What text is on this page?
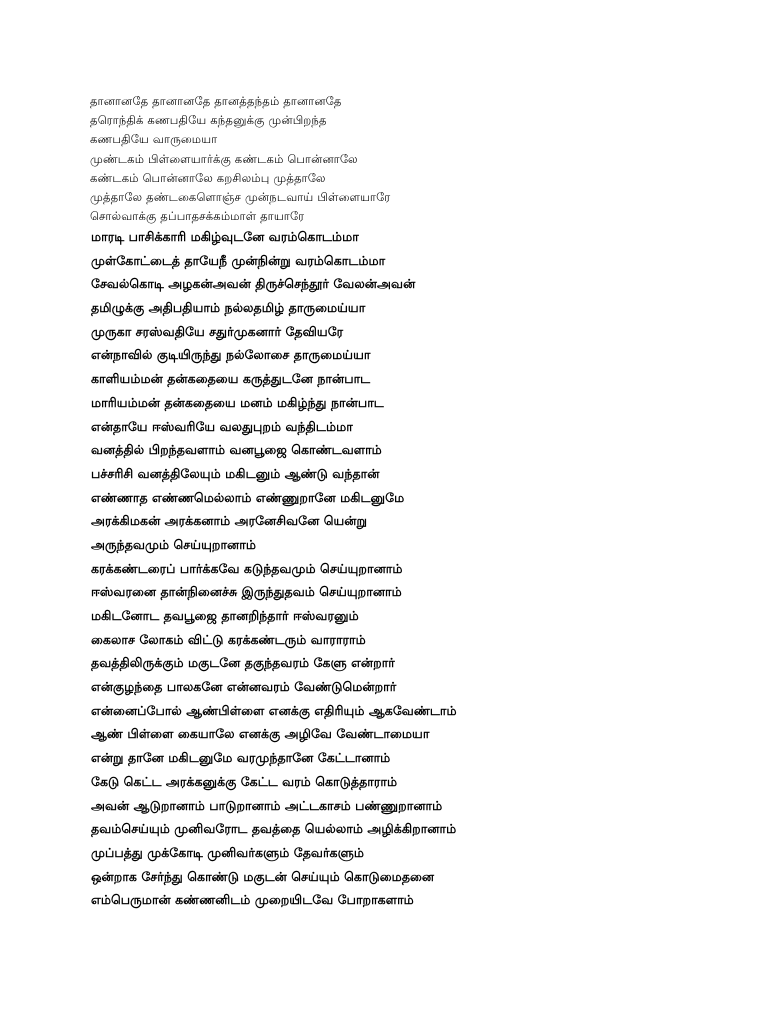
தானானதே தானானதே தானத்தந்தம் தானானதே
தரொந்திக் கணபதியே கந்தனுக்கு முன்பிறந்த
கணபதியே வாருமையா
முண்டகம் பிள்ளையார்க்கு கண்டகம் பொன்னாலே
கண்டகம் பொன்னாலே கறசிலம்பு முத்தாலே
முத்தாலே தண்டகைளொஞ்ச முன்நடவாய் பிள்ளையாரே
சொல்வாக்கு தப்பாதசக்கம்மாள் தாயாரே
மாரடி பாசிக்காரி மகிழ்வுடனே வரம்கொடம்மா
முள்கோட்டைத் தாயேநீ முன்நின்று வரம்கொடம்மா
சேவல்கொடி அழகன்அவன் திருச்செந்தூர் வேலன்அவன்
தமிழுக்கு அதிபதியாம் நல்லதமிழ் தாருமைய்யா
முருகா சரஸ்வதியே சதுர்முகனார் தேவியரே
என்நாவில் குடியிருந்து நல்லோசை தாருமைய்யா
காளியம்மன் தன்கதையை கருத்துடனே நான்பாட
மாரியம்மன் தன்கதையை மனம் மகிழ்ந்து நான்பாட
என்தாயே ஈஸ்வரியே வலதுபுறம் வந்திடம்மா
வனத்தில் பிறந்தவளாம் வனபூஜை கொண்டவளாம்
பச்சரிசி வனத்திலேயும் மகிடனும் ஆண்டு வந்தான்
எண்ணாத எண்ணமெல்லாம் எண்ணுறானே மகிடனுமே
அரக்கிமகன் அரக்கனாம் அரனேசிவனே யென்று
அருந்தவமும் செய்யுறானாம்
கரக்கண்டரைப் பார்க்கவே கடுந்தவமும் செய்யுறானாம்
ஈஸ்வரனை தான்நினைச்சு இருந்துதவம் செய்யுறானாம்
மகிடனோட தவபூஜை தானறிந்தார் ஈஸ்வரனும்
கைலாச லோகம் விட்டு கரக்கண்டரும் வாராராம்
தவத்திலிருக்கும் மகுடனே தகுந்தவரம் கேளு என்றார்
என்குழந்தை பாலகனே என்னவரம் வேண்டுமென்றார்
என்னைப்போல் ஆண்பிள்ளை எனக்கு எதிரியும் ஆகவேண்டாம்
ஆண் பிள்ளை கையாலே எனக்கு அழிவே வேண்டாமையா
என்று தானே மகிடனுமே வரமுந்தானே கேட்டானாம்
கேடு கெட்ட அரக்கனுக்கு கேட்ட வரம் கொடுத்தாராம்
அவன் ஆடுறானாம் பாடுறானாம் அட்டகாசம் பண்ணுறானாம்
தவம்செய்யும் முனிவரோட தவத்தை யெல்லாம் அழிக்கிறானாம்
முப்பத்து முக்கோடி முனிவர்களும் தேவர்களும்
ஒன்றாக சேர்ந்து கொண்டு மகுடன் செய்யும் கொடுமைதனை
எம்பெருமான் கண்ணனிடம் முறையிடவே போறாகளாம்
